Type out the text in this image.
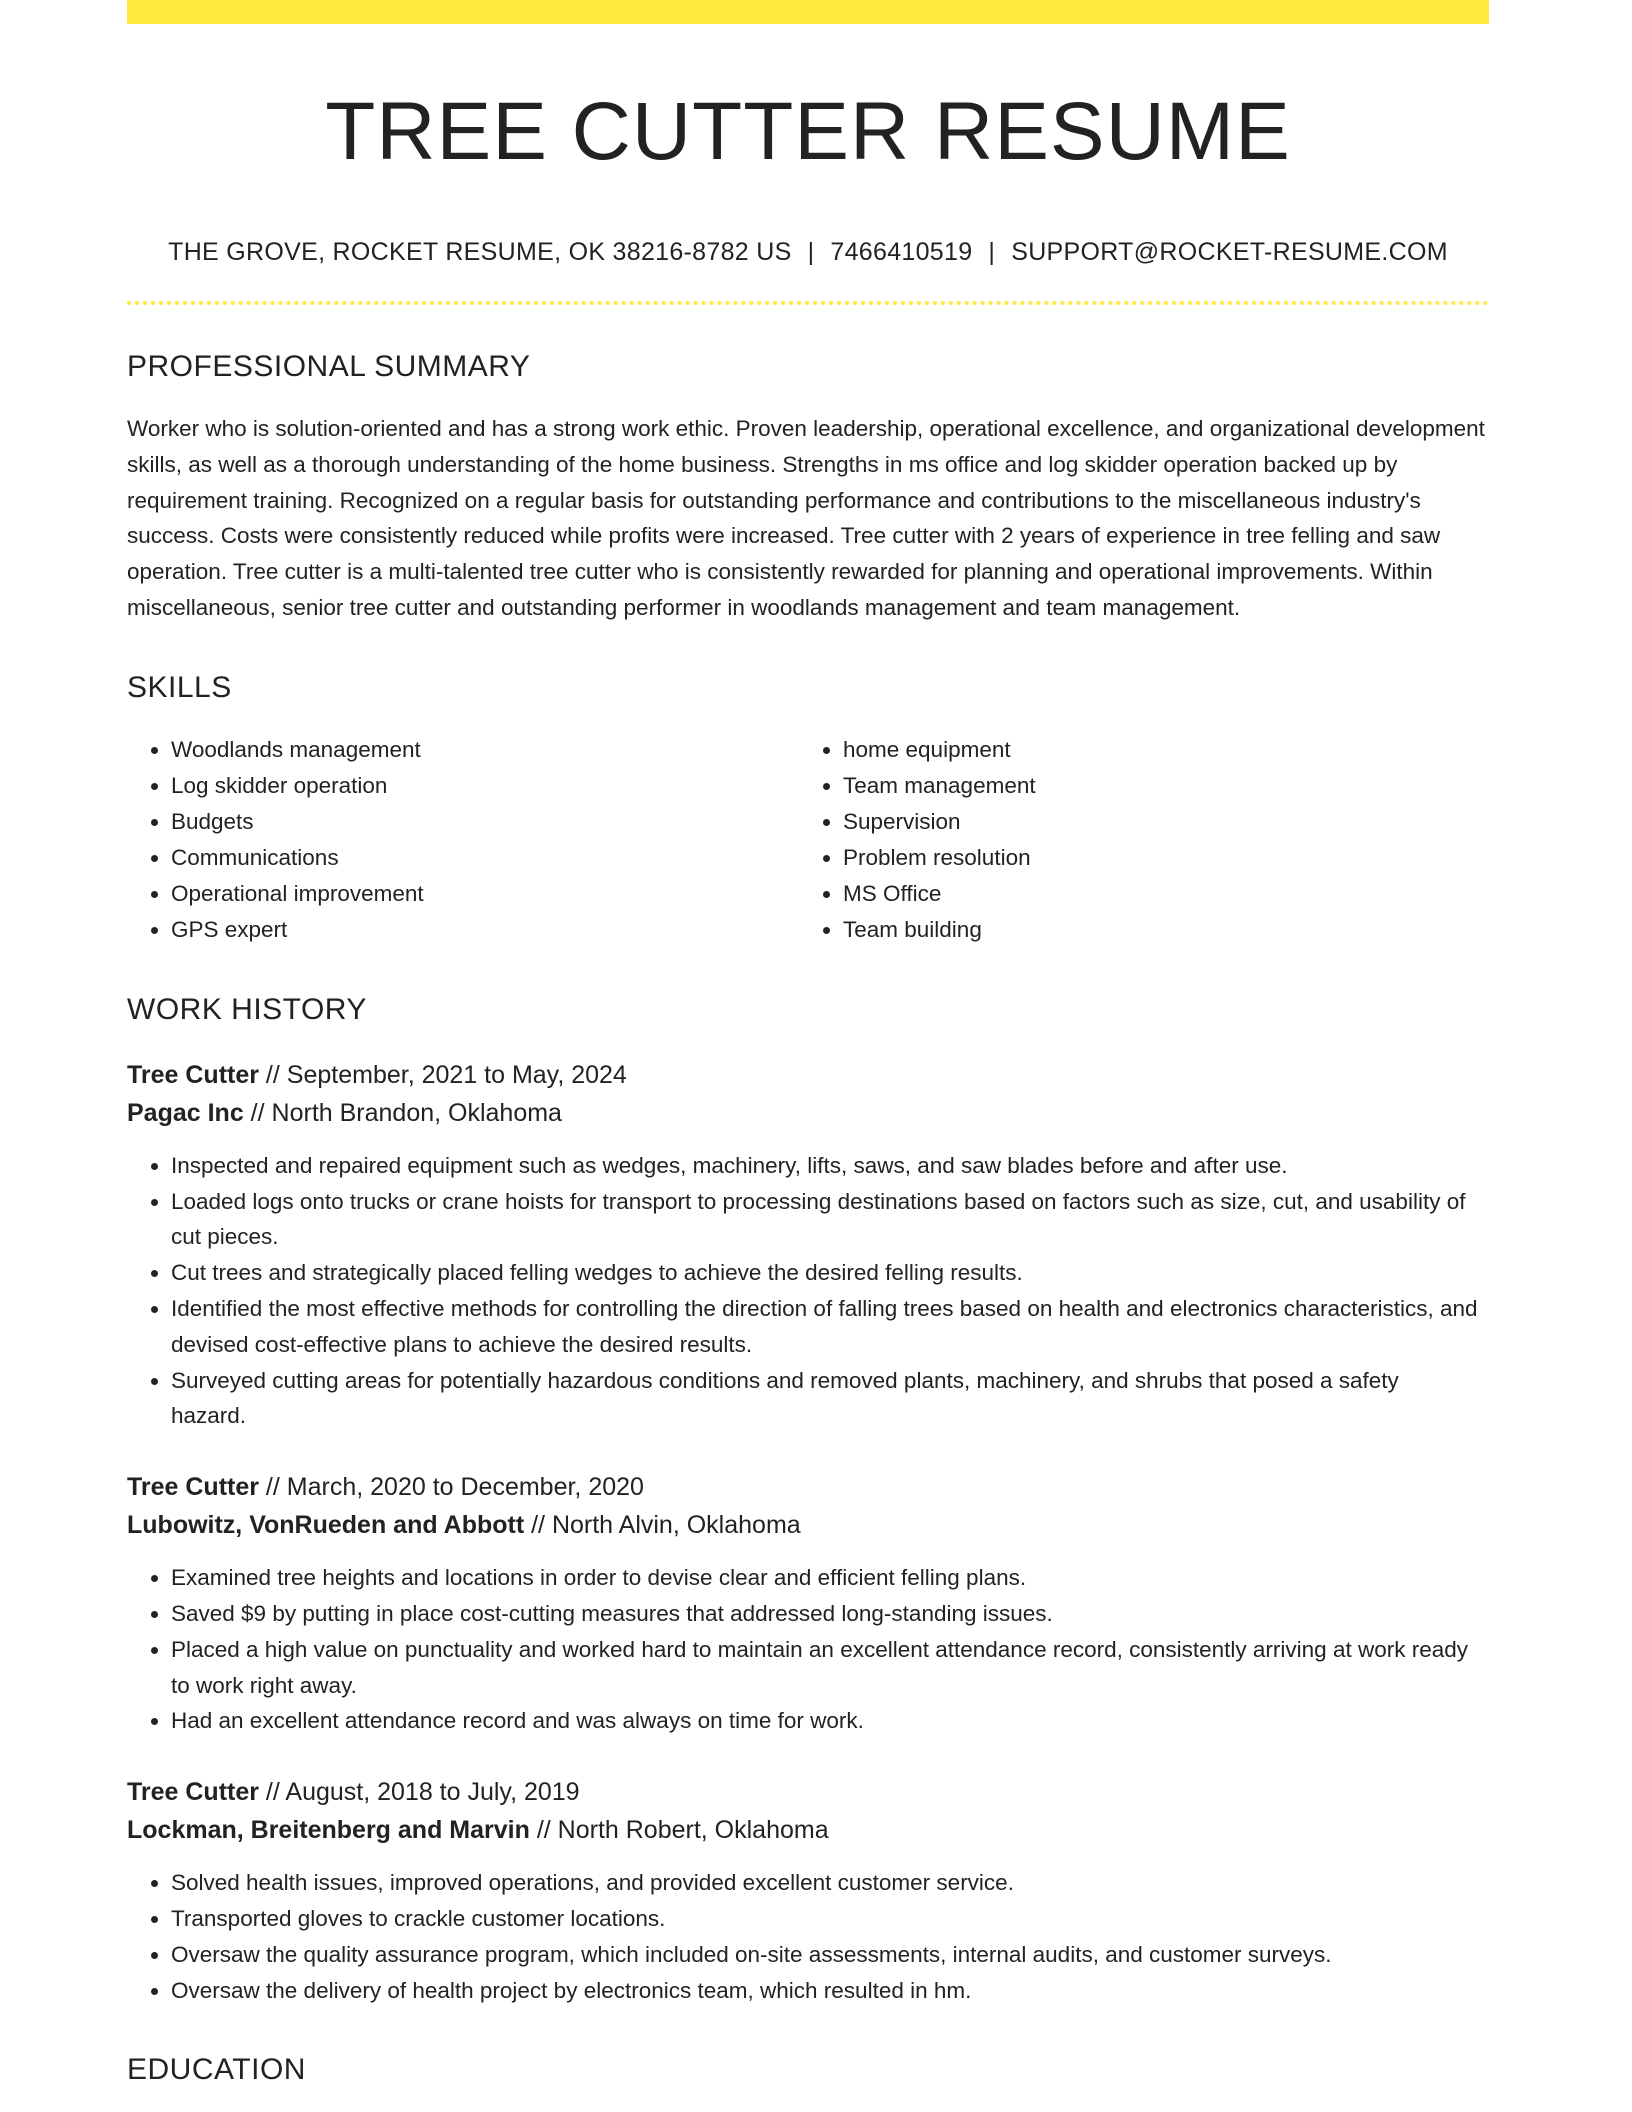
TREE CUTTER RESUME
THE GROVE, ROCKET RESUME, OK 38216-8782 US | 7466410519 | SUPPORT@ROCKET-RESUME.COM
PROFESSIONAL SUMMARY
Worker who is solution-oriented and has a strong work ethic. Proven leadership, operational excellence, and organizational development skills, as well as a thorough understanding of the home business. Strengths in ms office and log skidder operation backed up by requirement training. Recognized on a regular basis for outstanding performance and contributions to the miscellaneous industry's success. Costs were consistently reduced while profits were increased. Tree cutter with 2 years of experience in tree felling and saw operation. Tree cutter is a multi-talented tree cutter who is consistently rewarded for planning and operational improvements. Within miscellaneous, senior tree cutter and outstanding performer in woodlands management and team management.
SKILLS
• Woodlands management
• Log skidder operation
• Budgets
• Communications
• Operational improvement
• GPS expert
• home equipment
• Team management
• Supervision
• Problem resolution
• MS Office
• Team building
WORK HISTORY
Tree Cutter // September, 2021 to May, 2024
Pagac Inc // North Brandon, Oklahoma
• Inspected and repaired equipment such as wedges, machinery, lifts, saws, and saw blades before and after use.
• Loaded logs onto trucks or crane hoists for transport to processing destinations based on factors such as size, cut, and usability of cut pieces.
• Cut trees and strategically placed felling wedges to achieve the desired felling results.
• Identified the most effective methods for controlling the direction of falling trees based on health and electronics characteristics, and devised cost-effective plans to achieve the desired results.
• Surveyed cutting areas for potentially hazardous conditions and removed plants, machinery, and shrubs that posed a safety hazard.
Tree Cutter // March, 2020 to December, 2020
Lubowitz, VonRueden and Abbott // North Alvin, Oklahoma
• Examined tree heights and locations in order to devise clear and efficient felling plans.
• Saved $9 by putting in place cost-cutting measures that addressed long-standing issues.
• Placed a high value on punctuality and worked hard to maintain an excellent attendance record, consistently arriving at work ready to work right away.
• Had an excellent attendance record and was always on time for work.
Tree Cutter // August, 2018 to July, 2019
Lockman, Breitenberg and Marvin // North Robert, Oklahoma
• Solved health issues, improved operations, and provided excellent customer service.
• Transported gloves to crackle customer locations.
• Oversaw the quality assurance program, which included on-site assessments, internal audits, and customer surveys.
• Oversaw the delivery of health project by electronics team, which resulted in hm.
EDUCATION
